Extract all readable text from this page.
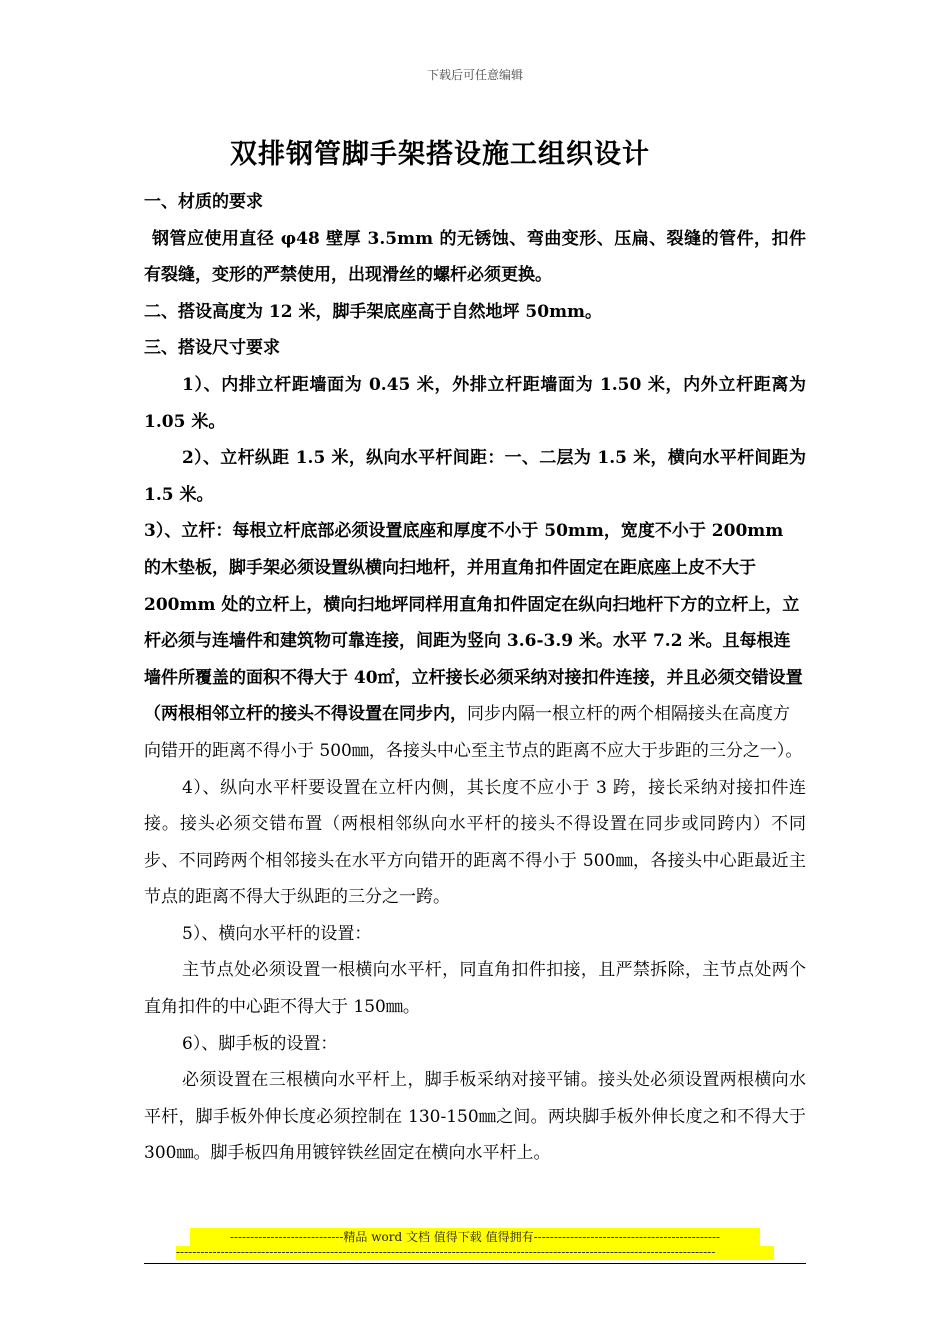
下载后可任意编辑
双排钢管脚手架搭设施工组织设计

一、材质的要求

钢管应使用直径 φ48 壁厚 3.5mm 的无锈蚀、弯曲变形、压扁、裂缝的管件，扣件有裂缝，变形的严禁使用，出现滑丝的螺杆必须更换。

二、搭设高度为 12 米，脚手架底座高于自然地坪 50mm。

三、搭设尺寸要求

1）、内排立杆距墙面为 0.45 米，外排立杆距墙面为 1.50 米，内外立杆距离为 1.05 米。

2）、立杆纵距 1.5 米，纵向水平杆间距：一、二层为 1.5 米，横向水平杆间距为 1.5 米。

3）、立杆：每根立杆底部必须设置底座和厚度不小于 50mm，宽度不小于 200mm 的木垫板，脚手架必须设置纵横向扫地杆，并用直角扣件固定在距底座上皮不大于 200mm 处的立杆上，横向扫地坪同样用直角扣件固定在纵向扫地杆下方的立杆上，立杆必须与连墙件和建筑物可靠连接，间距为竖向 3.6-3.9 米。水平 7.2 米。且每根连墙件所覆盖的面积不得大于 40㎡，立杆接长必须采纳对接扣件连接，并且必须交错设置（两根相邻立杆的接头不得设置在同步内，

同步内隔一根立杆的两个相隔接头在高度方向错开的距离不得小于 500㎜，各接头中心至主节点的距离不应大于步距的三分之一）。

4）、纵向水平杆要设置在立杆内侧，其长度不应小于 3 跨，接长采纳对接扣件连接。接头必须交错布置（两根相邻纵向水平杆的接头不得设置在同步或同跨内）不同步、不同跨两个相邻接头在水平方向错开的距离不得小于 500㎜，各接头中心距最近主节点的距离不得大于纵距的三分之一跨。

5）、横向水平杆的设置：

主节点处必须设置一根横向水平杆，同直角扣件扣接，且严禁拆除，主节点处两个直角扣件的中心距不得大于 150㎜。

6）、脚手板的设置：

必须设置在三根横向水平杆上，脚手板采纳对接平铺。接头处必须设置两根横向水平杆，脚手板外伸长度必须控制在 130-150㎜之间。两块脚手板外伸长度之和不得大于 300㎜。脚手板四角用镀锌铁丝固定在横向水平杆上。

----------------------------精品 word 文档 值得下载 值得拥有----------------------------------------------
-------------------------------------------------------------------------------------------------------------------------------------
